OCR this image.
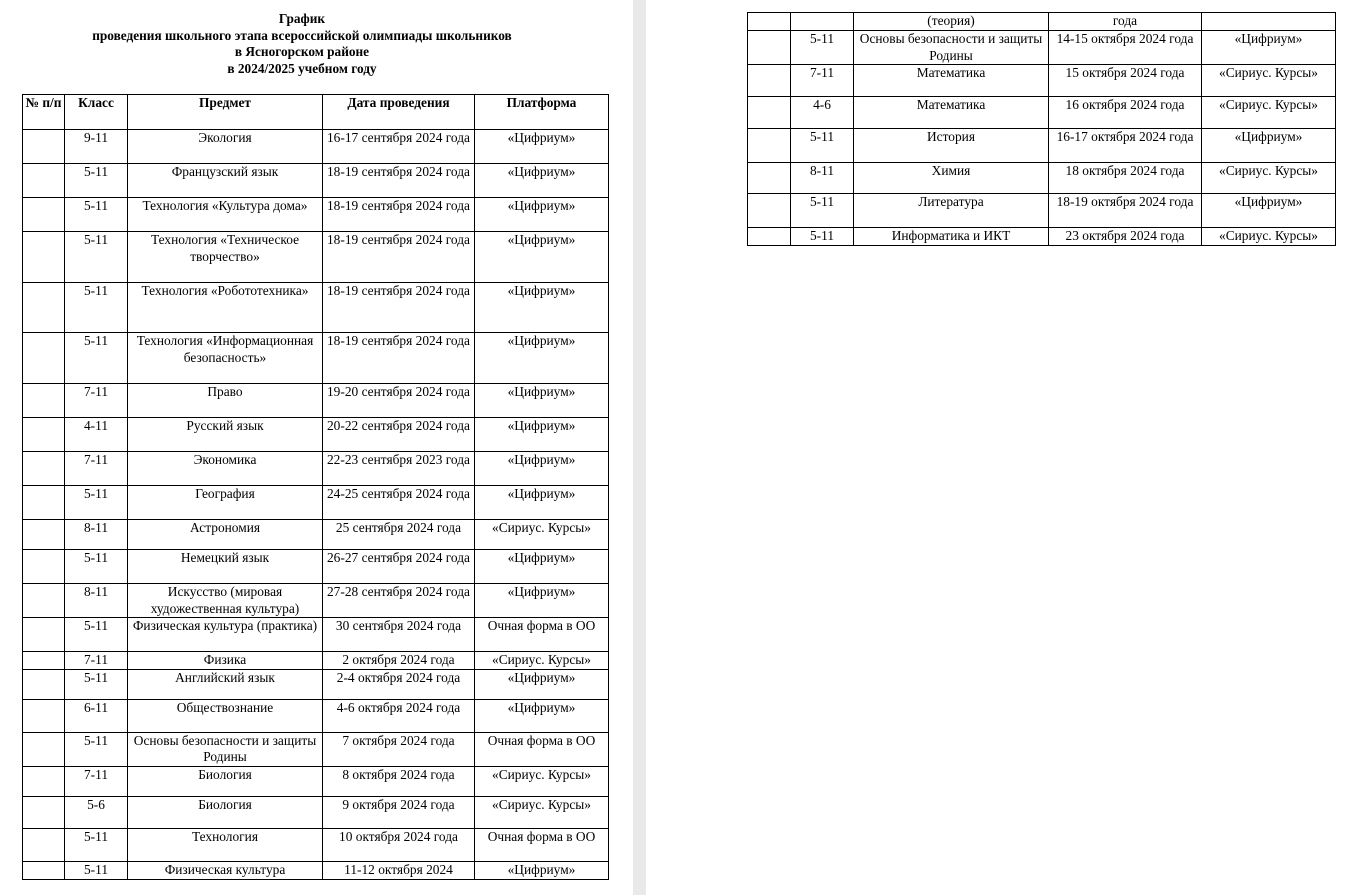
График
проведения школьного этапа всероссийской олимпиады школьников
в Ясногорском районе
в 2024/2025 учебном году
№ п/п	Класс	Предмет	Дата проведения	Платформа
	9-11	Экология	16-17 сентября 2024 года	«Цифриум»
	5-11	Французский язык	18-19 сентября 2024 года	«Цифриум»
	5-11	Технология «Культура дома»	18-19 сентября 2024 года	«Цифриум»
	5-11	Технология «Техническое творчество»	18-19 сентября 2024 года	«Цифриум»
	5-11	Технология «Робототехника»	18-19 сентября 2024 года	«Цифриум»
	5-11	Технология «Информационная безопасность»	18-19 сентября 2024 года	«Цифриум»
	7-11	Право	19-20 сентября 2024 года	«Цифриум»
	4-11	Русский язык	20-22 сентября 2024 года	«Цифриум»
	7-11	Экономика	22-23 сентября 2023 года	«Цифриум»
	5-11	География	24-25 сентября 2024 года	«Цифриум»
	8-11	Астрономия	25 сентября 2024 года	«Сириус. Курсы»
	5-11	Немецкий язык	26-27 сентября 2024 года	«Цифриум»
	8-11	Искусство (мировая художественная культура)	27-28 сентября 2024 года	«Цифриум»
	5-11	Физическая культура (практика)	30 сентября 2024 года	Очная форма в ОО
	7-11	Физика	2 октября 2024 года	«Сириус. Курсы»
	5-11	Английский язык	2-4 октября 2024 года	«Цифриум»
	6-11	Обществознание	4-6 октября 2024 года	«Цифриум»
	5-11	Основы безопасности и защиты Родины	7 октября 2024 года	Очная форма в ОО
	7-11	Биология	8 октября 2024 года	«Сириус. Курсы»
	5-6	Биология	9 октября 2024 года	«Сириус. Курсы»
	5-11	Технология	10 октября 2024 года	Очная форма в ОО
	5-11	Физическая культура	11-12 октября 2024	«Цифриум»
		(теория)	года	
	5-11	Основы безопасности и защиты Родины	14-15 октября 2024 года	«Цифриум»
	7-11	Математика	15 октября 2024 года	«Сириус. Курсы»
	4-6	Математика	16 октября 2024 года	«Сириус. Курсы»
	5-11	История	16-17 октября 2024 года	«Цифриум»
	8-11	Химия	18 октября 2024 года	«Сириус. Курсы»
	5-11	Литература	18-19 октября 2024 года	«Цифриум»
	5-11	Информатика и ИКТ	23 октября 2024 года	«Сириус. Курсы»
